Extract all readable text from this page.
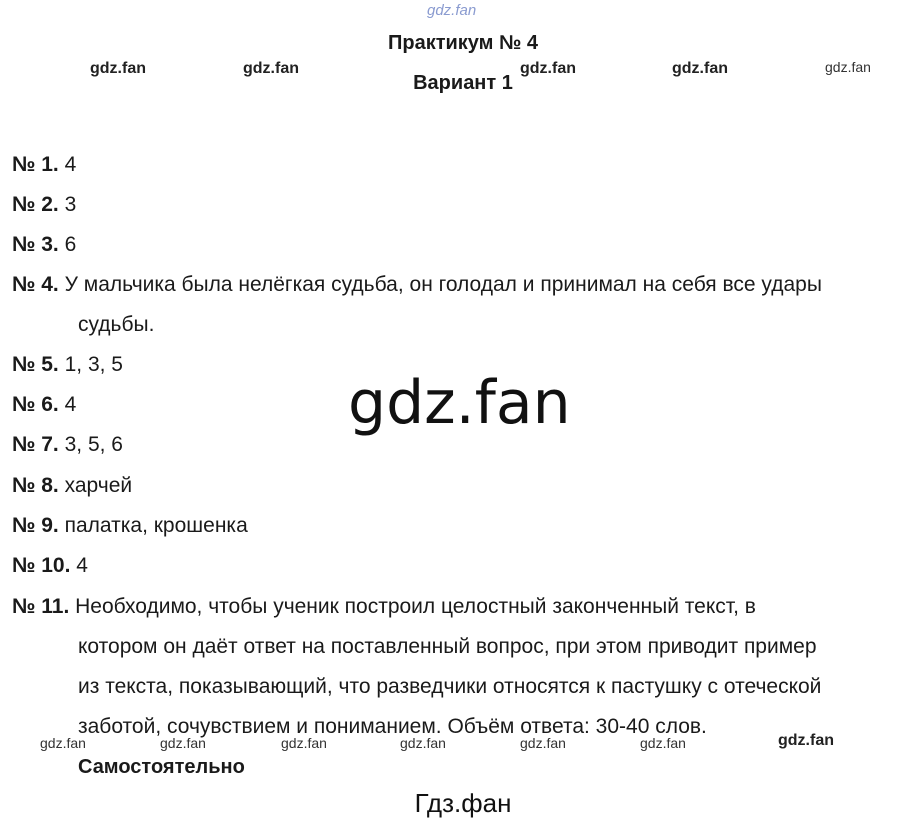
gdz.fan
gdz.fan	gdz.fan	gdz.fan	gdz.fan	gdz.fan
Практикум № 4
Вариант 1
№ 1. 4
№ 2. 3
№ 3. 6
№ 4. У мальчика была нелёгкая судьба, он голодал и принимал на себя все удары
судьбы.
№ 5. 1, 3, 5
№ 6. 4
№ 7. 3, 5, 6
№ 8. харчей
№ 9. палатка, крошенка
№ 10. 4
№ 11. Необходимо, чтобы ученик построил целостный законченный текст, в
котором он даёт ответ на поставленный вопрос, при этом приводит пример
из текста, показывающий, что разведчики относятся к пастушку с отеческой
заботой, сочувствием и пониманием. Объём ответа: 30-40 слов.
gdz.fan
gdz.fan	gdz.fan	gdz.fan	gdz.fan	gdz.fan	gdz.fan	gdz.fan
Самостоятельно
Гдз.фан
